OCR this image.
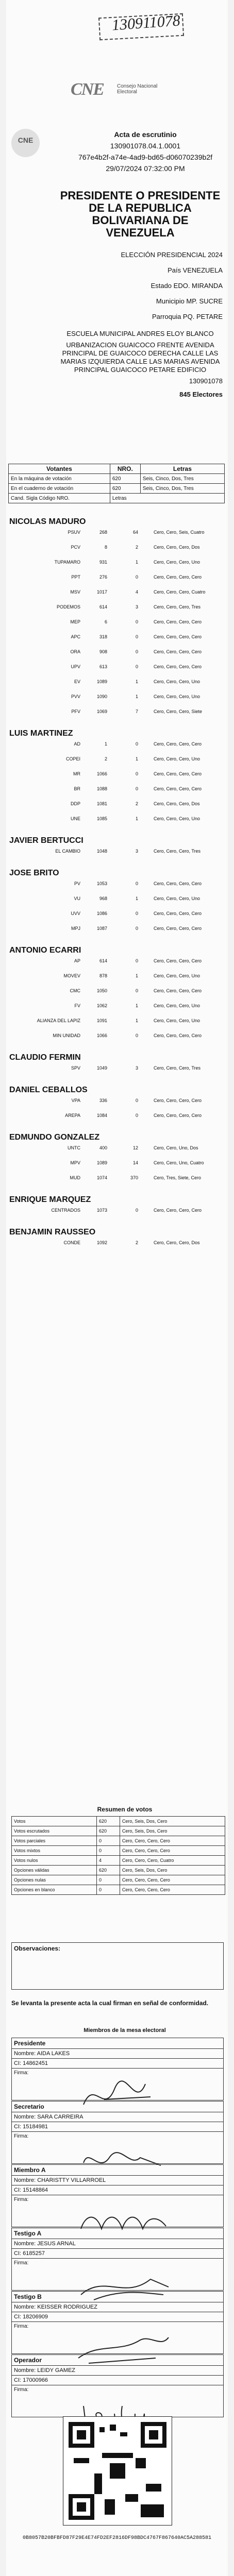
130911078
CNE	Consejo Nacional Electoral
CNE
Acta de escrutinio
130901078.04.1.0001
767e4b2f-a74e-4ad9-bd65-d06070239b2f
29/07/2024 07:32:00 PM
PRESIDENTE O PRESIDENTE DE LA REPUBLICA BOLIVARIANA DE VENEZUELA
ELECCIÓN PRESIDENCIAL 2024
País VENEZUELA
Estado EDO. MIRANDA
Municipio MP. SUCRE
Parroquia PQ. PETARE
ESCUELA MUNICIPAL ANDRES ELOY BLANCO
URBANIZACION GUAICOCO FRENTE AVENIDA PRINCIPAL DE GUAICOCO DERECHA CALLE LAS MARIAS IZQUIERDA CALLE LAS MARIAS AVENIDA PRINCIPAL GUAICOCO PETARE EDIFICIO
130901078
845 Electores
Votantes	NRO.	Letras
En la máquina de votación	620	Seis, Cinco, Dos, Tres
En el cuaderno de votación	620	Seis, Cinco, Dos, Tres
Cand. Sigla Código NRO.	Letras	
NICOLAS MADURO
PSUV	268	64	Cero, Cero, Seis, Cuatro
PCV	8	2	Cero, Cero, Cero, Dos
TUPAMARO	931	1	Cero, Cero, Cero, Uno
PPT	276	0	Cero, Cero, Cero, Cero
MSV	1017	4	Cero, Cero, Cero, Cuatro
PODEMOS	614	3	Cero, Cero, Cero, Tres
MEP	6	0	Cero, Cero, Cero, Cero
APC	318	0	Cero, Cero, Cero, Cero
ORA	908	0	Cero, Cero, Cero, Cero
UPV	613	0	Cero, Cero, Cero, Cero
EV	1089	1	Cero, Cero, Cero, Uno
PVV	1090	1	Cero, Cero, Cero, Uno
PFV	1069	7	Cero, Cero, Cero, Siete
LUIS MARTINEZ
AD	1	0	Cero, Cero, Cero, Cero
COPEI	2	1	Cero, Cero, Cero, Uno
MR	1066	0	Cero, Cero, Cero, Cero
BR	1088	0	Cero, Cero, Cero, Cero
DDP	1081	2	Cero, Cero, Cero, Dos
UNE	1085	1	Cero, Cero, Cero, Uno
JAVIER BERTUCCI
EL CAMBIO	1048	3	Cero, Cero, Cero, Tres
JOSE BRITO
PV	1053	0	Cero, Cero, Cero, Cero
VU	968	1	Cero, Cero, Cero, Uno
UVV	1086	0	Cero, Cero, Cero, Cero
MPJ	1087	0	Cero, Cero, Cero, Cero
ANTONIO ECARRI
AP	614	0	Cero, Cero, Cero, Cero
MOVEV	878	1	Cero, Cero, Cero, Uno
CMC	1050	0	Cero, Cero, Cero, Cero
FV	1062	1	Cero, Cero, Cero, Uno
ALIANZA DEL LAPIZ	1091	1	Cero, Cero, Cero, Uno
MIN UNIDAD	1066	0	Cero, Cero, Cero, Cero
CLAUDIO FERMIN
SPV	1049	3	Cero, Cero, Cero, Tres
DANIEL CEBALLOS
VPA	336	0	Cero, Cero, Cero, Cero
AREPA	1084	0	Cero, Cero, Cero, Cero
EDMUNDO GONZALEZ
UNTC	400	12	Cero, Cero, Uno, Dos
MPV	1089	14	Cero, Cero, Uno, Cuatro
MUD	1074	370	Cero, Tres, Siete, Cero
ENRIQUE MARQUEZ
CENTRADOS	1073	0	Cero, Cero, Cero, Cero
BENJAMIN RAUSSEO
CONDE	1092	2	Cero, Cero, Cero, Dos
Resumen de votos
Votos	620	Cero, Seis, Dos, Cero
Votos escrutados	620	Cero, Seis, Dos, Cero
Votos parciales	0	Cero, Cero, Cero, Cero
Votos mixtos	0	Cero, Cero, Cero, Cero
Votos nulos	4	Cero, Cero, Cero, Cuatro
Opciones válidas	620	Cero, Seis, Dos, Cero
Opciones nulas	0	Cero, Cero, Cero, Cero
Opciones en blanco	0	Cero, Cero, Cero, Cero
Observaciones:
Se levanta la presente acta la cual firman en señal de conformidad.
Miembros de la mesa electoral
Presidente
Nombre: AIDA LAKES
CI: 14862451
Firma:
Secretario
Nombre: SARA CARREIRA
CI: 15184981
Firma:
Miembro A
Nombre: CHARISTTY VILLARROEL
CI: 15148864
Firma:
Testigo A
Nombre: JESUS ARNAL
CI: 6185257
Firma:
Testigo B
Nombre: KEISSER RODRIGUEZ
CI: 18206909
Firma:
Operador
Nombre: LEIDY GAMEZ
CI: 17000966
Firma:
0B8057B20BFBFD87F29E4E74FD2EF2816DF98BDC4767F867640AC5A288581
